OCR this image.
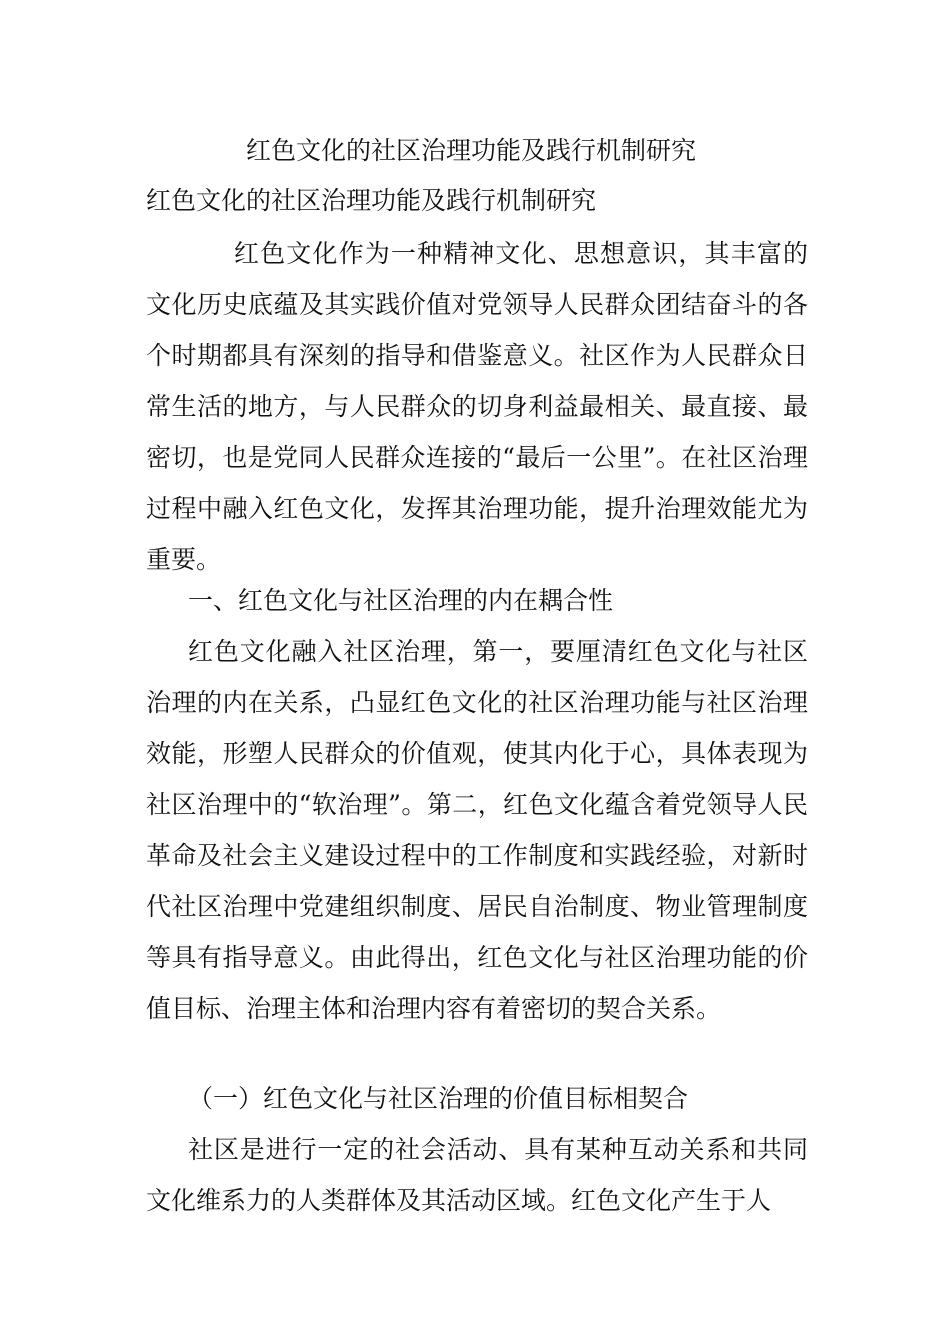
红色文化的社区治理功能及践行机制研究
红色文化的社区治理功能及践行机制研究

红色文化作为一种精神文化、思想意识，其丰富的文化历史底蕴及其实践价值对党领导人民群众团结奋斗的各个时期都具有深刻的指导和借鉴意义。社区作为人民群众日常生活的地方，与人民群众的切身利益最相关、最直接、最密切，也是党同人民群众连接的“最后一公里”。在社区治理过程中融入红色文化，发挥其治理功能，提升治理效能尤为重要。

一、红色文化与社区治理的内在耦合性

红色文化融入社区治理，第一，要厘清红色文化与社区治理的内在关系，凸显红色文化的社区治理功能与社区治理效能，形塑人民群众的价值观，使其内化于心，具体表现为社区治理中的“软治理”。第二，红色文化蕴含着党领导人民革命及社会主义建设过程中的工作制度和实践经验，对新时代社区治理中党建组织制度、居民自治制度、物业管理制度等具有指导意义。由此得出，红色文化与社区治理功能的价值目标、治理主体和治理内容有着密切的契合关系。

（一）红色文化与社区治理的价值目标相契合

社区是进行一定的社会活动、具有某种互动关系和共同文化维系力的人类群体及其活动区域。红色文化产生于人
